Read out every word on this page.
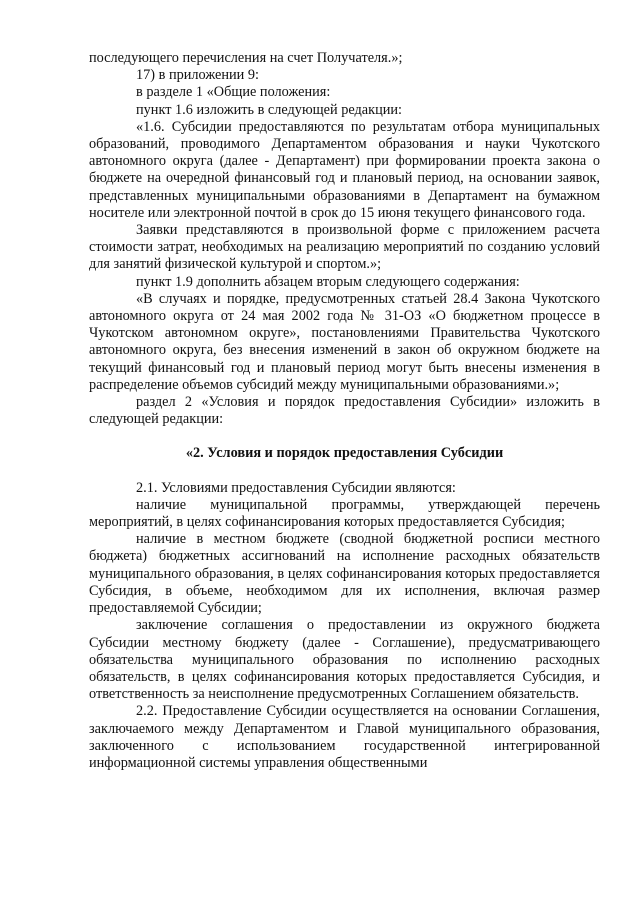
последующего перечисления на счет Получателя.»;

17) в приложении 9:

в разделе 1 «Общие положения:

пункт 1.6 изложить в следующей редакции:

«1.6. Субсидии предоставляются по результатам отбора муниципальных образований, проводимого Департаментом образования и науки Чукотского автономного округа (далее - Департамент) при формировании проекта закона о бюджете на очередной финансовый год и плановый период, на основании заявок, представленных муниципальными образованиями в Департамент на бумажном носителе или электронной почтой в срок до 15 июня текущего финансового года.

Заявки представляются в произвольной форме с приложением расчета стоимости затрат, необходимых на реализацию мероприятий по созданию условий для занятий физической культурой и спортом.»;

пункт 1.9 дополнить абзацем вторым следующего содержания:

«В случаях и порядке, предусмотренных статьей 28.4 Закона Чукотского автономного округа от 24 мая 2002 года № 31-ОЗ «О бюджетном процессе в Чукотском автономном округе», постановлениями Правительства Чукотского автономного округа, без внесения изменений в закон об окружном бюджете на текущий финансовый год и плановый период могут быть внесены изменения в распределение объемов субсидий между муниципальными образованиями.»;

раздел 2 «Условия и порядок предоставления Субсидии» изложить в следующей редакции:

«2. Условия и порядок предоставления Субсидии

2.1. Условиями предоставления Субсидии являются:

наличие муниципальной программы, утверждающей перечень мероприятий, в целях софинансирования которых предоставляется Субсидия;

наличие в местном бюджете (сводной бюджетной росписи местного бюджета) бюджетных ассигнований на исполнение расходных обязательств муниципального образования, в целях софинансирования которых предоставляется Субсидия, в объеме, необходимом для их исполнения, включая размер предоставляемой Субсидии;

заключение соглашения о предоставлении из окружного бюджета Субсидии местному бюджету (далее - Соглашение), предусматривающего обязательства муниципального образования по исполнению расходных обязательств, в целях софинансирования которых предоставляется Субсидия, и ответственность за неисполнение предусмотренных Соглашением обязательств.

2.2. Предоставление Субсидии осуществляется на основании Соглашения, заключаемого между Департаментом и Главой муниципального образования, заключенного с использованием государственной интегрированной информационной системы управления общественными
